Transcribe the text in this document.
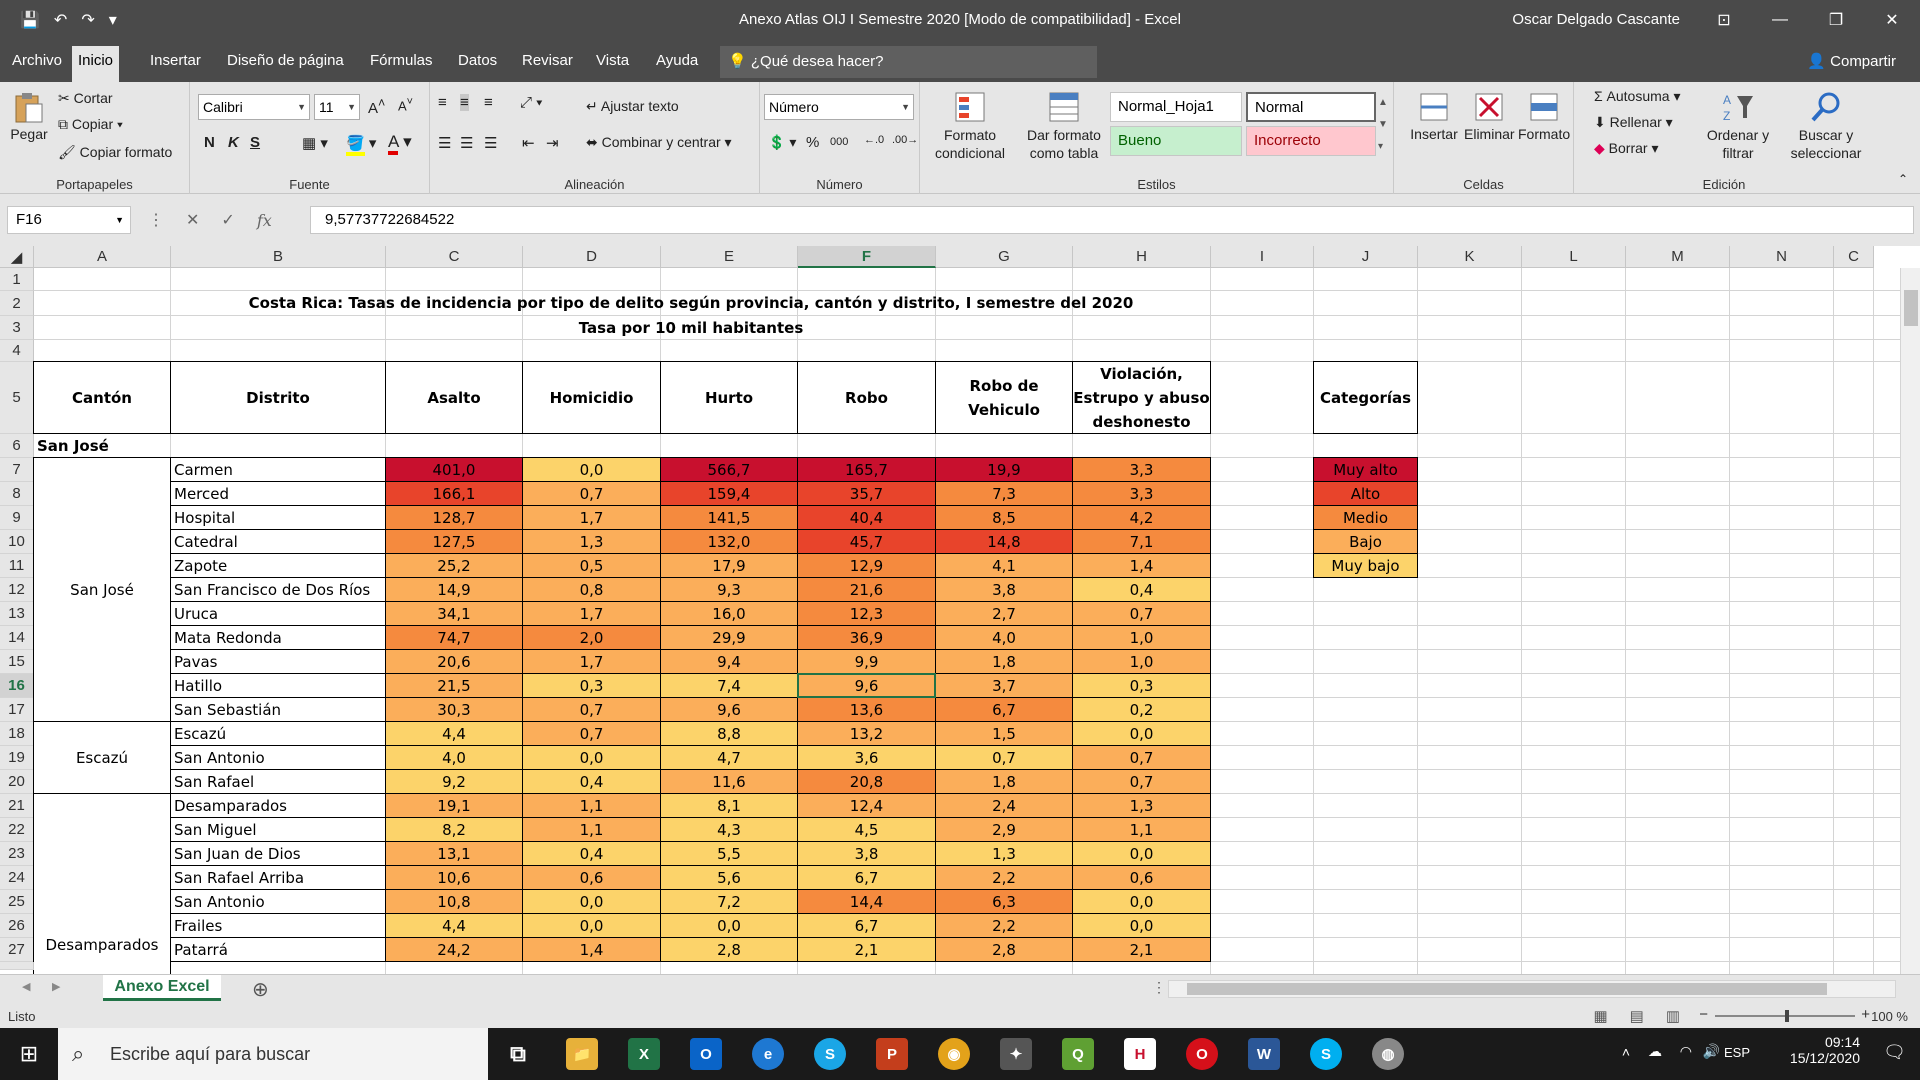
💾 ↶ ↷ ▾	Anexo Atlas OIJ I Semestre 2020 [Modo de compatibilidad] - Excel	Oscar Delgado Cascante	⊡	—	❐	✕
Archivo	Inicio	Insertar	Diseño de página	Fórmulas	Datos	Revisar	Vista	Ayuda	💡 ¿Qué desea hacer?	👤 Compartir
Pegar
✂ Cortar
⧉ Copiar ▾
🖌 Copiar formato
Portapapeles
Calibri	▼ 11 ▼ A˄ A˅
N K S	▦ ▾ 🪣 ▾ A ▾
Fuente
≡ ≡ ≡ ⤢ ▾
☰ ☰ ☰ ⇤ ⇥
↵ Ajustar texto
⬌ Combinar y centrar ▾
Alineación
Número	▼
💲 ▾ % 000 ←.0 .00→
Número
Formato condicional
Dar formato como tabla
Normal_Hoja1	Normal
Bueno	Incorrecto
▲
▼
▾
Estilos
Insertar Eliminar Formato
Celdas
Σ Autosuma ▾
⬇ Rellenar ▾
◆ Borrar ▾
A
Z
Ordenar y filtrar
Buscar y seleccionar
Edición	⌃
F16	▼ ⋮ ✕ ✓ fx	9,57737722684522
◢	A	B	C	D	E	F	G	H	I	J	K	L	M	N	C
1
2
3
4
5
6
7
8
9
10
11
12
13
14
15
16
17
18
19
20
21
22
23
24
25
26
27
Costa Rica: Tasas de incidencia por tipo de delito según provincia, cantón y distrito, I semestre del 2020
Tasa por 10 mil habitantes
Cantón	Distrito	Asalto	Homicidio	Hurto	Robo
Robo de Vehiculo
Violación, Estrupo y abuso deshonesto
Categorías
San José
San José
Escazú
Desamparados
Carmen	401,0	0,0	566,7	165,7	19,9	3,3
Merced	166,1	0,7	159,4	35,7	7,3	3,3
Hospital	128,7	1,7	141,5	40,4	8,5	4,2
Catedral	127,5	1,3	132,0	45,7	14,8	7,1
Zapote	25,2	0,5	17,9	12,9	4,1	1,4
San Francisco de Dos Ríos	14,9	0,8	9,3	21,6	3,8	0,4
Uruca	34,1	1,7	16,0	12,3	2,7	0,7
Mata Redonda	74,7	2,0	29,9	36,9	4,0	1,0
Pavas	20,6	1,7	9,4	9,9	1,8	1,0
Hatillo	21,5	0,3	7,4	9,6	3,7	0,3
San Sebastián	30,3	0,7	9,6	13,6	6,7	0,2
Escazú	4,4	0,7	8,8	13,2	1,5	0,0
San Antonio	4,0	0,0	4,7	3,6	0,7	0,7
San Rafael	9,2	0,4	11,6	20,8	1,8	0,7
Desamparados	19,1	1,1	8,1	12,4	2,4	1,3
San Miguel	8,2	1,1	4,3	4,5	2,9	1,1
San Juan de Dios	13,1	0,4	5,5	3,8	1,3	0,0
San Rafael Arriba	10,6	0,6	5,6	6,7	2,2	0,6
San Antonio	10,8	0,0	7,2	14,4	6,3	0,0
Frailes	4,4	0,0	0,0	6,7	2,2	0,0
Patarrá	24,2	1,4	2,8	2,1	2,8	2,1
Muy alto
Alto
Medio
Bajo
Muy bajo
◀ ▶	Anexo Excel	⊕	⋮
Listo	▦ ▤ ▥ −	+ 100 %
⊞	⌕ Escribe aquí para buscar	⧉	📁	X	O	e	S	P	◉	✦	Q	H	O	W	S	◍	˄ ☁ ◠ 🔊 ESP
09:14
15/12/2020 🗨
